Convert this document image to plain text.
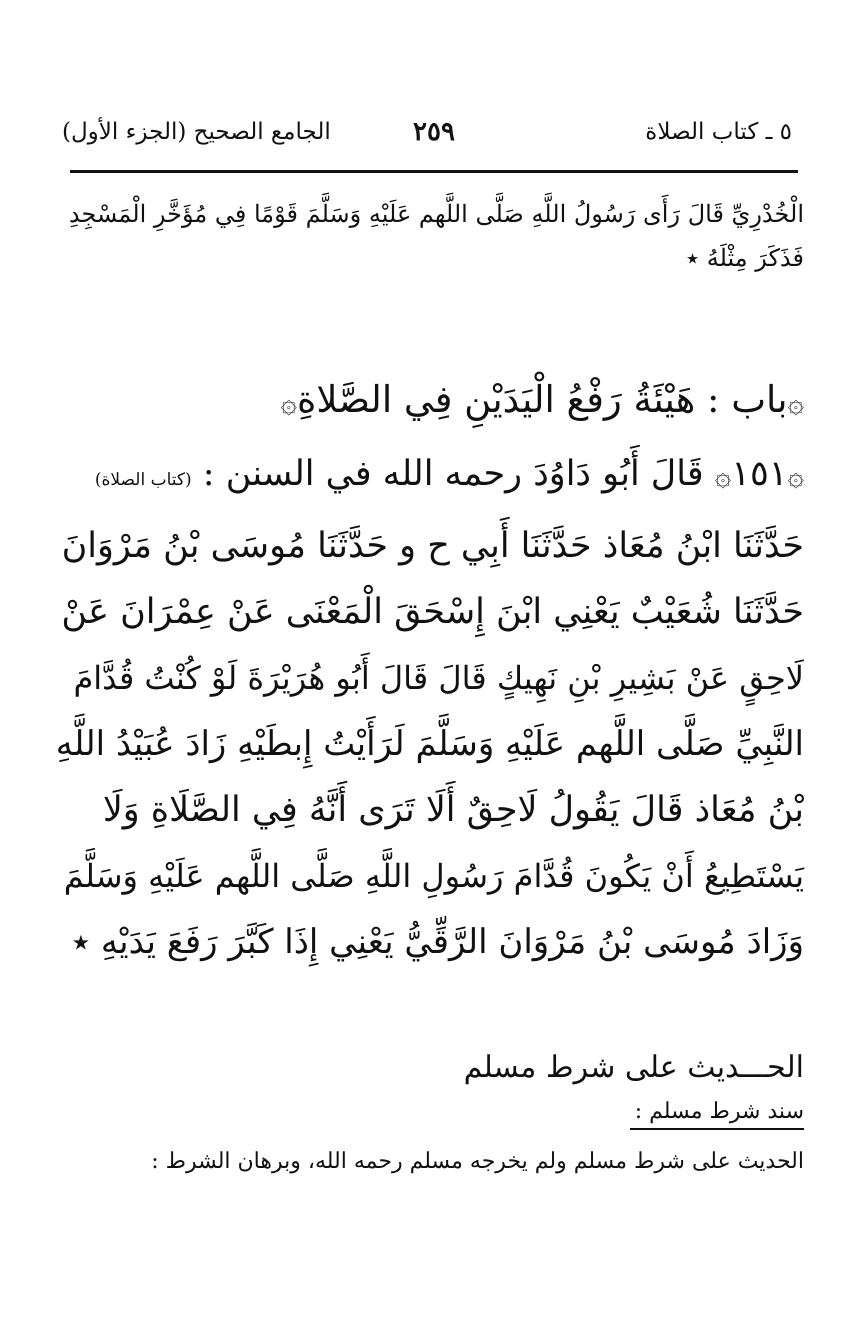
٥ ـ كتاب الصلاة
٢٥٩
الجامع الصحيح (الجزء الأول)
الْخُدْرِيِّ قَالَ رَأَى رَسُولُ اللَّهِ صَلَّى اللَّهم عَلَيْهِ وَسَلَّمَ قَوْمًا فِي مُؤَخَّرِ الْمَسْجِدِ
فَذَكَرَ مِثْلَهُ ٭
۞باب : هَيْئَةُ رَفْعُ الْيَدَيْنِ فِي الصَّلاةِ۞
۞١٥١۞ قَالَ أَبُو دَاوُدَ رحمه الله في السنن : (كتاب الصلاة)
حَدَّثَنَا ابْنُ مُعَاذ حَدَّثَنَا أَبِي ح و حَدَّثَنَا مُوسَى بْنُ مَرْوَانَ
حَدَّثَنَا شُعَيْبٌ يَعْنِي ابْنَ إِسْحَقَ الْمَعْنَى عَنْ عِمْرَانَ عَنْ
لَاحِقٍ عَنْ بَشِيرِ بْنِ نَهِيكٍ قَالَ قَالَ أَبُو هُرَيْرَةَ لَوْ كُنْتُ قُدَّامَ
النَّبِيِّ صَلَّى اللَّهم عَلَيْهِ وَسَلَّمَ لَرَأَيْتُ إِبطَيْهِ زَادَ عُبَيْدُ اللَّهِ
بْنُ مُعَاذ قَالَ يَقُولُ لَاحِقٌ أَلَا تَرَى أَنَّهُ فِي الصَّلَاةِ وَلَا
يَسْتَطِيعُ أَنْ يَكُونَ قُدَّامَ رَسُولِ اللَّهِ صَلَّى اللَّهم عَلَيْهِ وَسَلَّمَ
وَزَادَ مُوسَى بْنُ مَرْوَانَ الرَّقِّيُّ يَعْنِي إِذَا كَبَّرَ رَفَعَ يَدَيْهِ ٭
الحـــديث على شرط مسلم
سند شرط مسلم :
الحديث على شرط مسلم ولم يخرجه مسلم رحمه الله، وبرهان الشرط :
